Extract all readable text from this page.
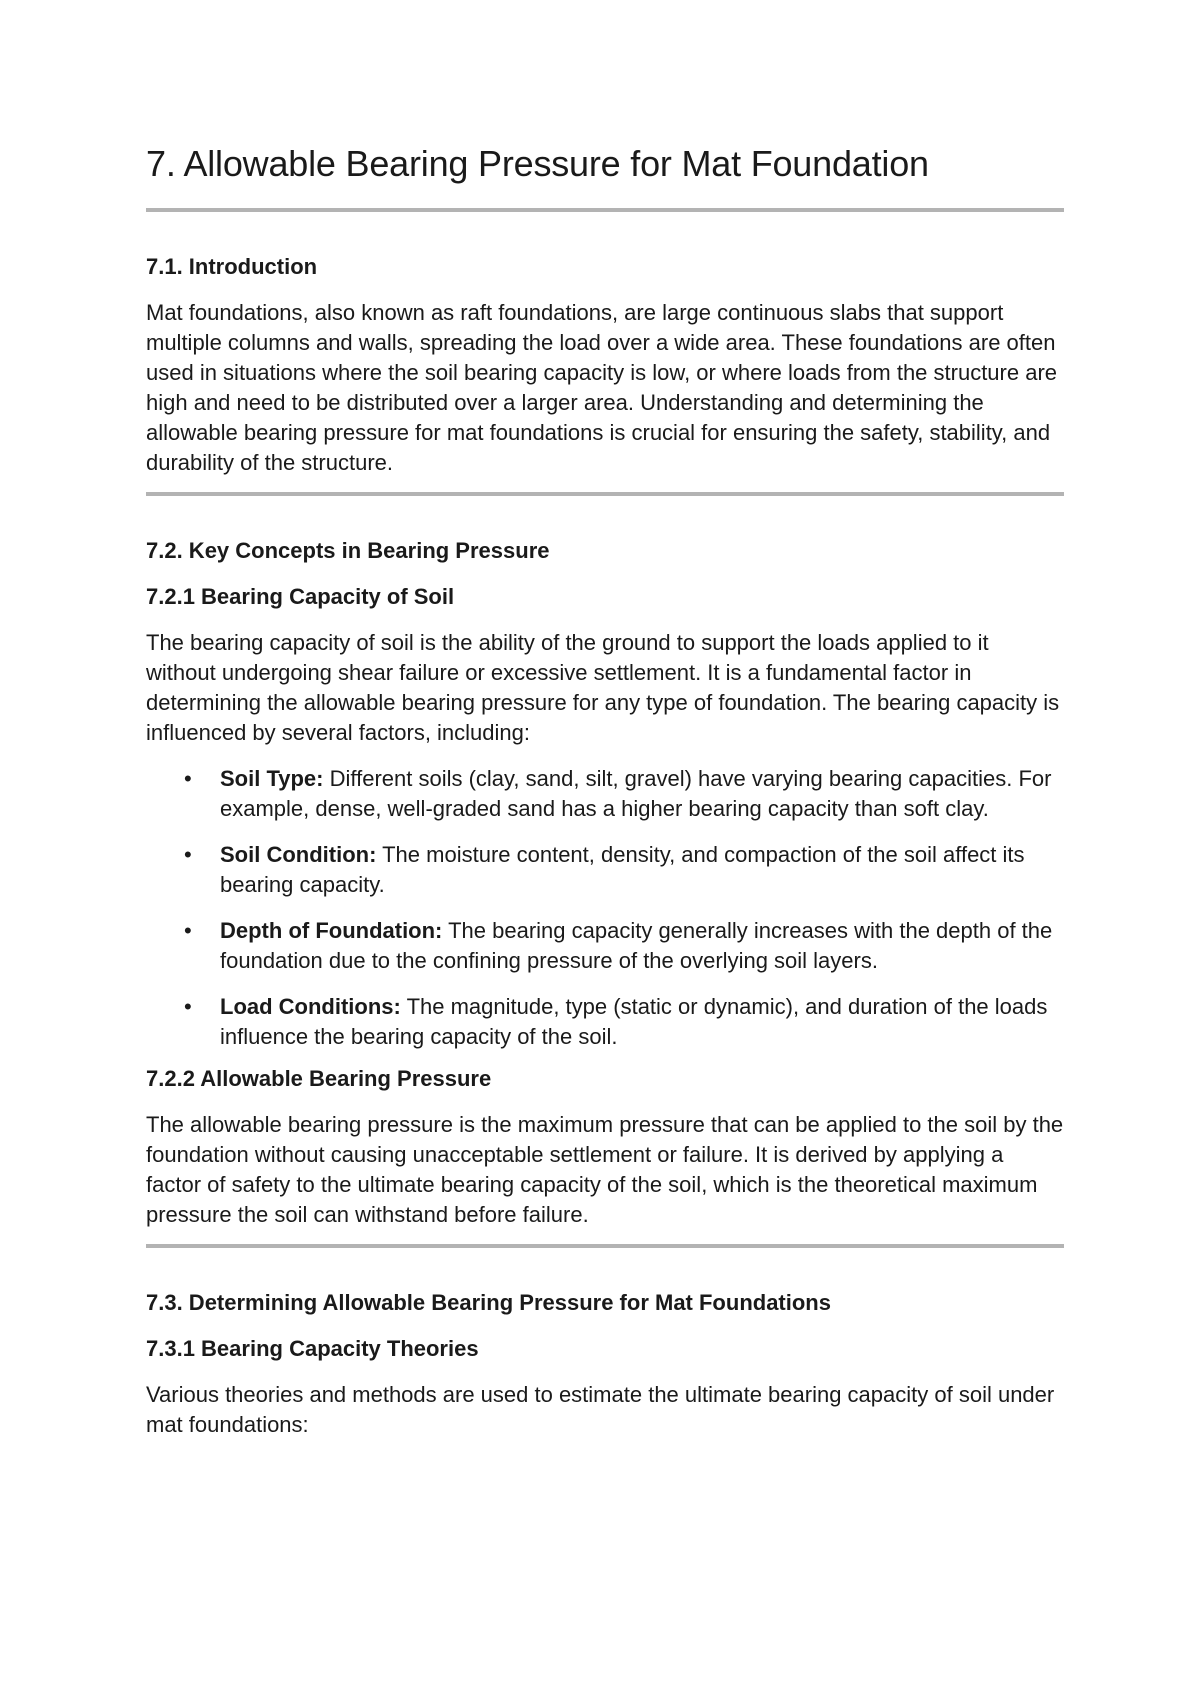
7. Allowable Bearing Pressure for Mat Foundation
7.1. Introduction

Mat foundations, also known as raft foundations, are large continuous slabs that support multiple columns and walls, spreading the load over a wide area. These foundations are often used in situations where the soil bearing capacity is low, or where loads from the structure are high and need to be distributed over a larger area. Understanding and determining the allowable bearing pressure for mat foundations is crucial for ensuring the safety, stability, and durability of the structure.

7.2. Key Concepts in Bearing Pressure
7.2.1 Bearing Capacity of Soil

The bearing capacity of soil is the ability of the ground to support the loads applied to it without undergoing shear failure or excessive settlement. It is a fundamental factor in determining the allowable bearing pressure for any type of foundation. The bearing capacity is influenced by several factors, including:

• Soil Type: Different soils (clay, sand, silt, gravel) have varying bearing capacities. For example, dense, well-graded sand has a higher bearing capacity than soft clay.
• Soil Condition: The moisture content, density, and compaction of the soil affect its bearing capacity.
• Depth of Foundation: The bearing capacity generally increases with the depth of the foundation due to the confining pressure of the overlying soil layers.
• Load Conditions: The magnitude, type (static or dynamic), and duration of the loads influence the bearing capacity of the soil.
7.2.2 Allowable Bearing Pressure

The allowable bearing pressure is the maximum pressure that can be applied to the soil by the foundation without causing unacceptable settlement or failure. It is derived by applying a factor of safety to the ultimate bearing capacity of the soil, which is the theoretical maximum pressure the soil can withstand before failure.

7.3. Determining Allowable Bearing Pressure for Mat Foundations
7.3.1 Bearing Capacity Theories

Various theories and methods are used to estimate the ultimate bearing capacity of soil under mat foundations:
